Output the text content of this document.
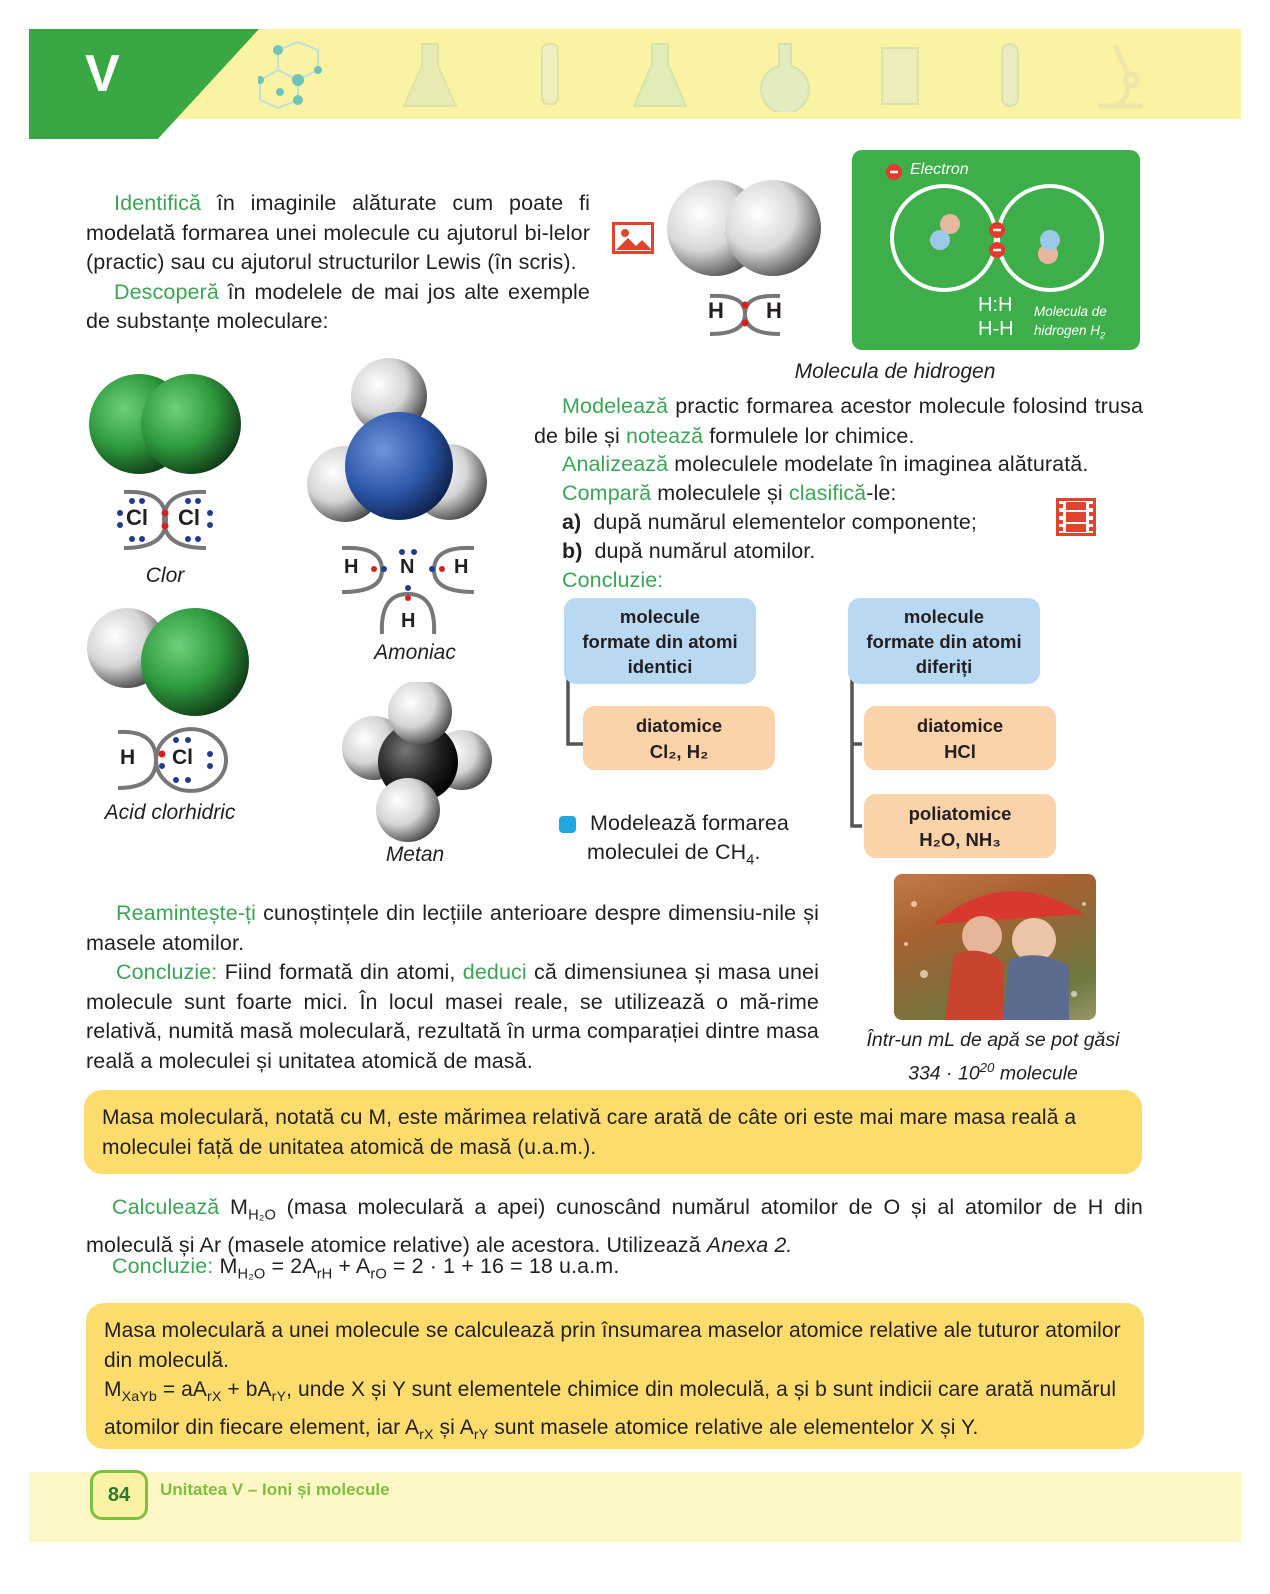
V
Identifică în imaginile alăturate cum poate fi modelată formarea unei molecule cu ajutorul bi-lelor (practic) sau cu ajutorul structurilor Lewis (în scris).
Descoperă în modelele de mai jos alte exemple de substanțe moleculare:	H H
Electron
H:H
H-H
Molecula de hidrogen $H_2$
Molecula de hidrogen
Cl Cl
Clor	H N H
H
Amoniac
H Cl
Acid clorhidric
Metan
Modelează practic formarea acestor molecule folosind trusa de bile și notează formulele lor chimice.
Analizează moleculele modelate în imaginea alăturată.
Compară moleculele și clasifică-le:
a) după numărul elementelor componente;
b) după numărul atomilor.
Concluzie:
molecule
formate din atomi
identici
diatomice
Cl₂, H₂
molecule
formate din atomi
diferiți
diatomice
HCl
poliatomice
H₂O, NH₃
Modelează formarea
moleculei de $CH_4$.
Într-un mL de apă se pot găsi
$334 \cdot 10^{20}$ molecule
Reamintește-ți cunoștințele din lecțiile anterioare despre dimensiu-nile și masele atomilor.
Concluzie: Fiind formată din atomi, deduci că dimensiunea și masa unei molecule sunt foarte mici. În locul masei reale, se utilizează o mă-rime relativă, numită masă moleculară, rezultată în urma comparației dintre masa reală a moleculei și unitatea atomică de masă.
Masa moleculară, notată cu M, este mărimea relativă care arată de câte ori este mai mare masa reală a moleculei față de unitatea atomică de masă (u.a.m.).
Calculează $M_{H_2O}$ (masa moleculară a apei) cunoscând numărul atomilor de O și al atomilor de H din moleculă și Ar (masele atomice relative) ale acestora. Utilizează Anexa 2.
Concluzie: $M_{H_2O} = 2A_{rH} + A_{rO} = 2 \cdot 1 + 16 = 18$ u.a.m.
Masa moleculară a unei molecule se calculează prin însumarea maselor atomice relative ale tuturor atomilor din moleculă.
$M_{XaYb} = aA_{rX} + bA_{rY}$, unde X și Y sunt elementele chimice din moleculă, a și b sunt indicii care arată numărul atomilor din fiecare element, iar $A_{rX}$ și $A_{rY}$ sunt masele atomice relative ale elementelor X și Y.
84	Unitatea V – Ioni și molecule
